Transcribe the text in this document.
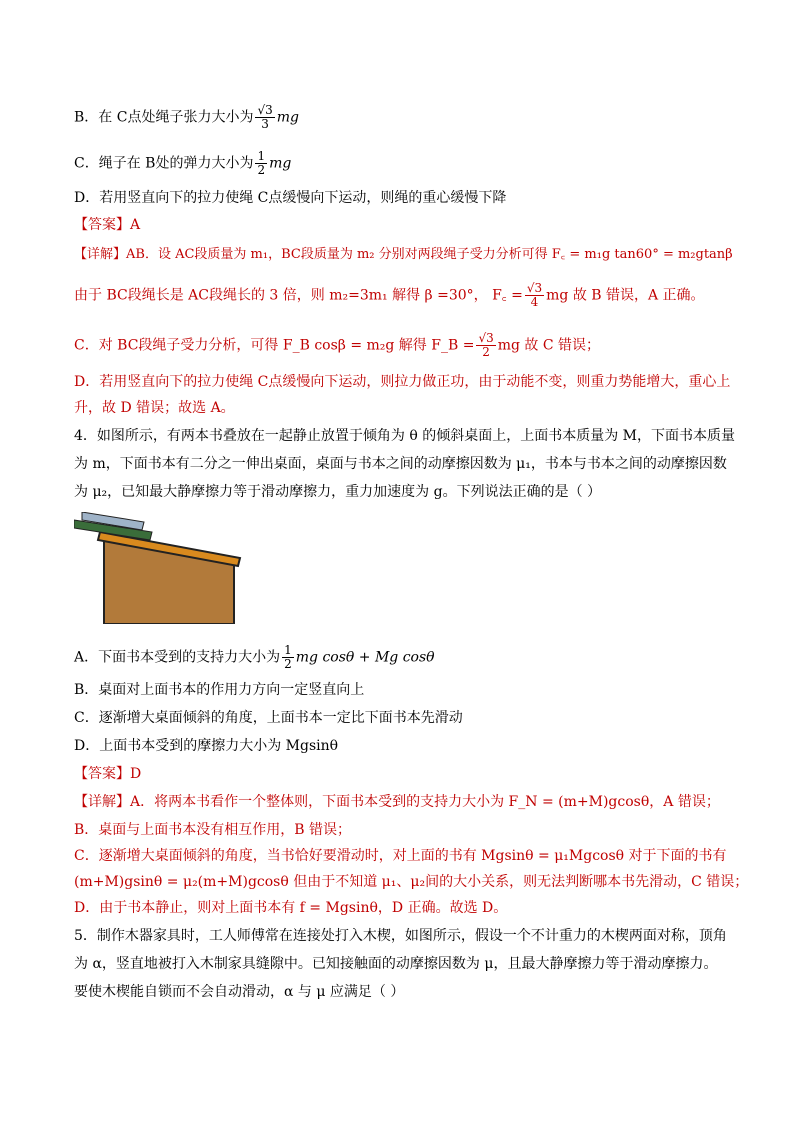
B．在 C点处绳子张力大小为 $\frac{√3}{3}$ mg
C．绳子在 B处的弹力大小为 $\frac{1}{2}$ mg
D．若用竖直向下的拉力使绳 C点缓慢向下运动，则绳的重心缓慢下降
【答案】A
【详解】AB．设 AC段质量为 m₁，BC段质量为 m₂ 分别对两段绳子受力分析可得 F꜀ = m₁g tan60° = m₂gtanβ
由于 BC段绳长是 AC段绳长的 3 倍，则 m₂=3m₁ 解得 β =30°， F꜀ = $\frac{√3}{4}$ mg 故 B 错误，A 正确。
C．对 BC段绳子受力分析，可得 F_B cosβ = m₂g 解得 F_B = $\frac{√3}{2}$ mg 故 C 错误；
D．若用竖直向下的拉力使绳 C点缓慢向下运动，则拉力做正功，由于动能不变，则重力势能增大，重心上
升，故 D 错误；故选 A。
4．如图所示，有两本书叠放在一起静止放置于倾角为 θ 的倾斜桌面上，上面书本质量为 M，下面书本质量
为 m，下面书本有二分之一伸出桌面，桌面与书本之间的动摩擦因数为 μ₁，书本与书本之间的动摩擦因数
为 μ₂，已知最大静摩擦力等于滑动摩擦力，重力加速度为 g。下列说法正确的是（ ）
A．下面书本受到的支持力大小为 $\frac{1}{2}$ mg cosθ + Mg cosθ
B．桌面对上面书本的作用力方向一定竖直向上
C．逐渐增大桌面倾斜的角度，上面书本一定比下面书本先滑动
D．上面书本受到的摩擦力大小为 Mgsinθ
【答案】D
【详解】A．将两本书看作一个整体则，下面书本受到的支持力大小为 F_N = (m+M)gcosθ，A 错误；
B．桌面与上面书本没有相互作用，B 错误；
C．逐渐增大桌面倾斜的角度，当书恰好要滑动时，对上面的书有 Mgsinθ = μ₁Mgcosθ 对于下面的书有
(m+M)gsinθ = μ₂(m+M)gcosθ 但由于不知道 μ₁、μ₂间的大小关系，则无法判断哪本书先滑动，C 错误；
D．由于书本静止，则对上面书本有 f = Mgsinθ，D 正确。故选 D。
5．制作木器家具时，工人师傅常在连接处打入木楔，如图所示，假设一个不计重力的木楔两面对称，顶角
为 α，竖直地被打入木制家具缝隙中。已知接触面的动摩擦因数为 μ，且最大静摩擦力等于滑动摩擦力。
要使木楔能自锁而不会自动滑动，α 与 μ 应满足（ ）
